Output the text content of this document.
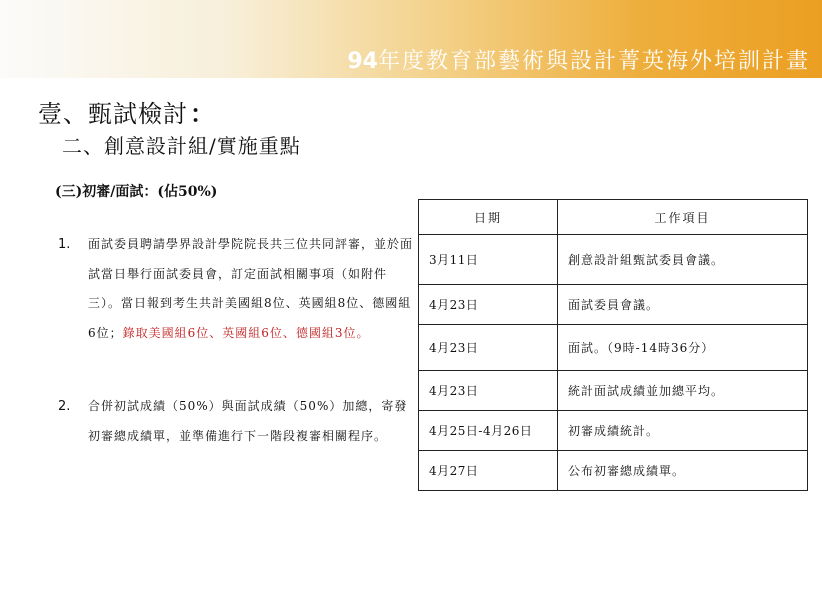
94年度教育部藝術與設計菁英海外培訓計畫
壹、甄試檢討：
二、創意設計組/實施重點
(三)初審/面試：(佔50%)
1. 面試委員聘請學界設計學院院長共三位共同評審，並於面試當日舉行面試委員會，訂定面試相關事項（如附件三）。當日報到考生共計美國組8位、英國組8位、德國組6位；錄取美國組6位、英國組6位、德國組3位。
2. 合併初試成績（50%）與面試成績（50%）加總，寄發初審總成績單，並準備進行下一階段複審相關程序。
日期	工作項目
3月11日	創意設計組甄試委員會議。
4月23日	面試委員會議。
4月23日	面試。（9時-14時36分）
4月23日	統計面試成績並加總平均。
4月25日-4月26日	初審成績統計。
4月27日	公布初審總成績單。
